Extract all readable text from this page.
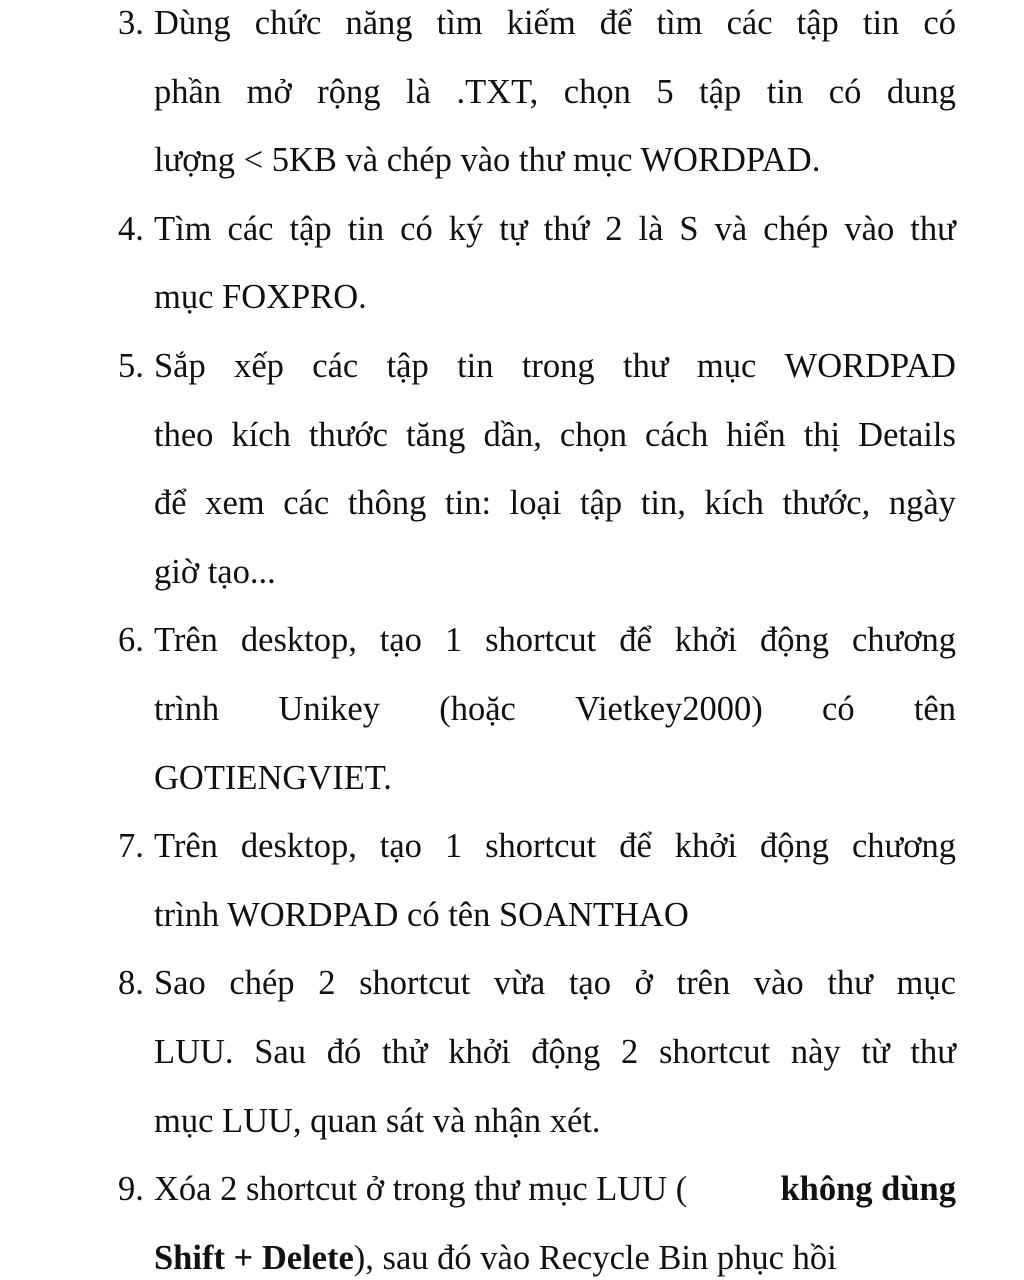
3. Dùng chức năng tìm kiếm để tìm các tập tin có
phần mở rộng là .TXT, chọn 5 tập tin có dung
lượng < 5KB và chép vào thư mục WORDPAD.
4. Tìm các tập tin có ký tự thứ 2 là S và chép vào thư
mục FOXPRO.
5. Sắp xếp các tập tin trong thư mục WORDPAD
theo kích thước tăng dần, chọn cách hiển thị Details
để xem các thông tin: loại tập tin, kích thước, ngày
giờ tạo...
6. Trên desktop, tạo 1 shortcut để khởi động chương
trình Unikey (hoặc Vietkey2000) có tên
GOTIENGVIET.
7. Trên desktop, tạo 1 shortcut để khởi động chương
trình WORDPAD có tên SOANTHAO
8. Sao chép 2 shortcut vừa tạo ở trên vào thư mục
LUU. Sau đó thử khởi động 2 shortcut này từ thư
mục LUU, quan sát và nhận xét.
9. Xóa 2 shortcut ở trong thư mục LUU (	không dùng
Shift + Delete), sau đó vào Recycle Bin phục hồi
